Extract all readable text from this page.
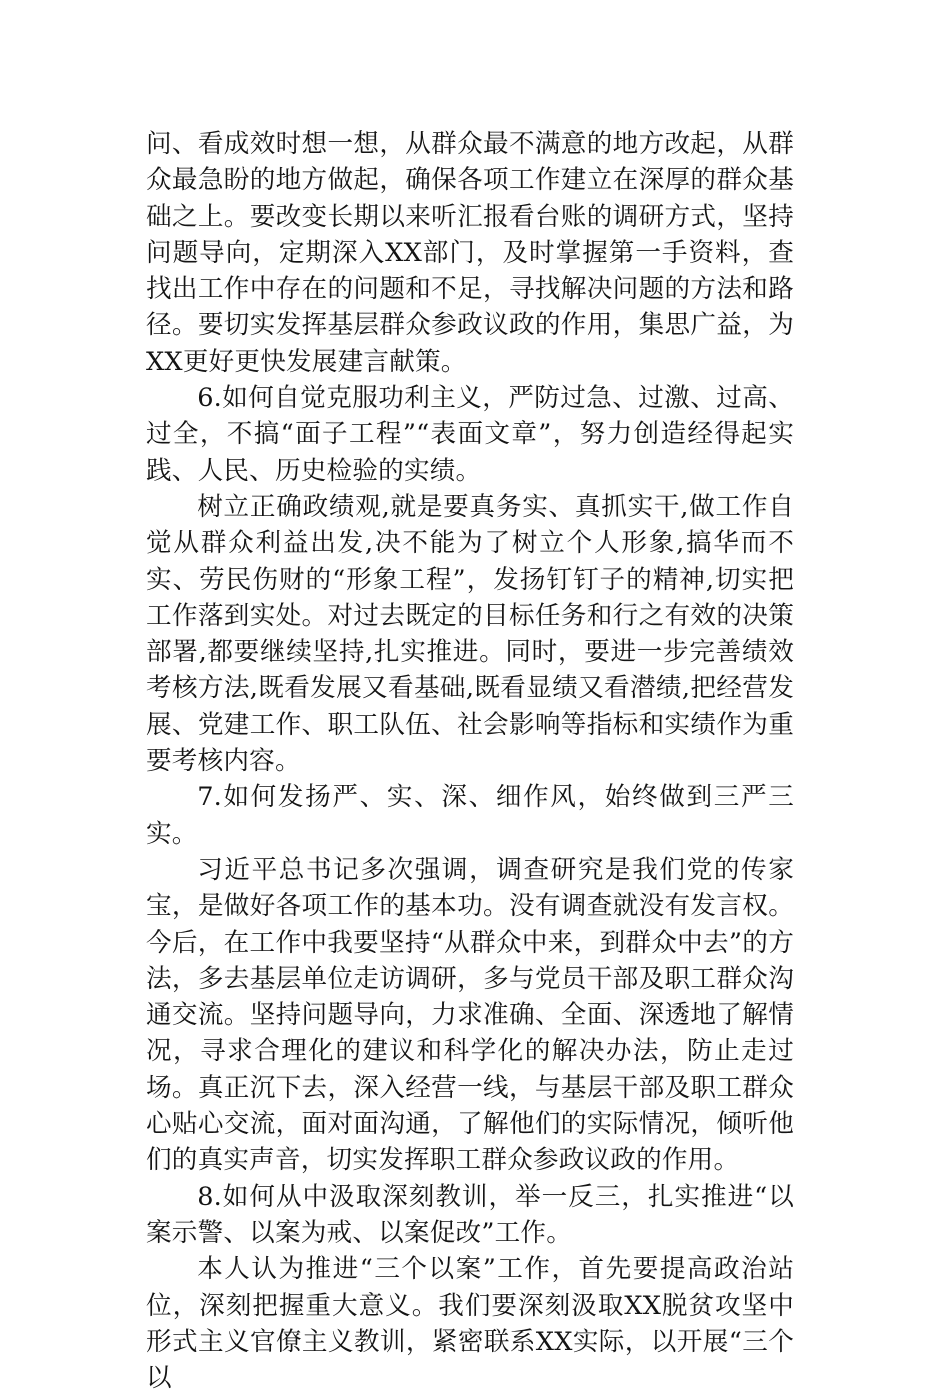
问、看成效时想一想，从群众最不满意的地方改起，从群众最急盼的地方做起，确保各项工作建立在深厚的群众基础之上。要改变长期以来听汇报看台账的调研方式，坚持问题导向，定期深入XX部门，及时掌握第一手资料，查找出工作中存在的问题和不足，寻找解决问题的方法和路径。要切实发挥基层群众参政议政的作用，集思广益，为XX更好更快发展建言献策。

6.如何自觉克服功利主义，严防过急、过激、过高、过全，不搞“面子工程”“表面文章”，努力创造经得起实践、人民、历史检验的实绩。

树立正确政绩观,就是要真务实、真抓实干,做工作自觉从群众利益出发,决不能为了树立个人形象,搞华而不实、劳民伤财的“形象工程”，发扬钉钉子的精神,切实把工作落到实处。对过去既定的目标任务和行之有效的决策部署,都要继续坚持,扎实推进。同时，要进一步完善绩效考核方法,既看发展又看基础,既看显绩又看潜绩,把经营发展、党建工作、职工队伍、社会影响等指标和实绩作为重要考核内容。

7.如何发扬严、实、深、细作风，始终做到三严三实。

习近平总书记多次强调，调查研究是我们党的传家宝，是做好各项工作的基本功。没有调查就没有发言权。今后，在工作中我要坚持“从群众中来，到群众中去”的方法，多去基层单位走访调研，多与党员干部及职工群众沟通交流。坚持问题导向，力求准确、全面、深透地了解情况，寻求合理化的建议和科学化的解决办法，防止走过场。真正沉下去，深入经营一线，与基层干部及职工群众心贴心交流，面对面沟通，了解他们的实际情况，倾听他们的真实声音，切实发挥职工群众参政议政的作用。

8.如何从中汲取深刻教训，举一反三，扎实推进“以案示警、以案为戒、以案促改”工作。

本人认为推进“三个以案”工作，首先要提高政治站位，深刻把握重大意义。我们要深刻汲取XX脱贫攻坚中形式主义官僚主义教训，紧密联系XX实际，以开展“三个以
